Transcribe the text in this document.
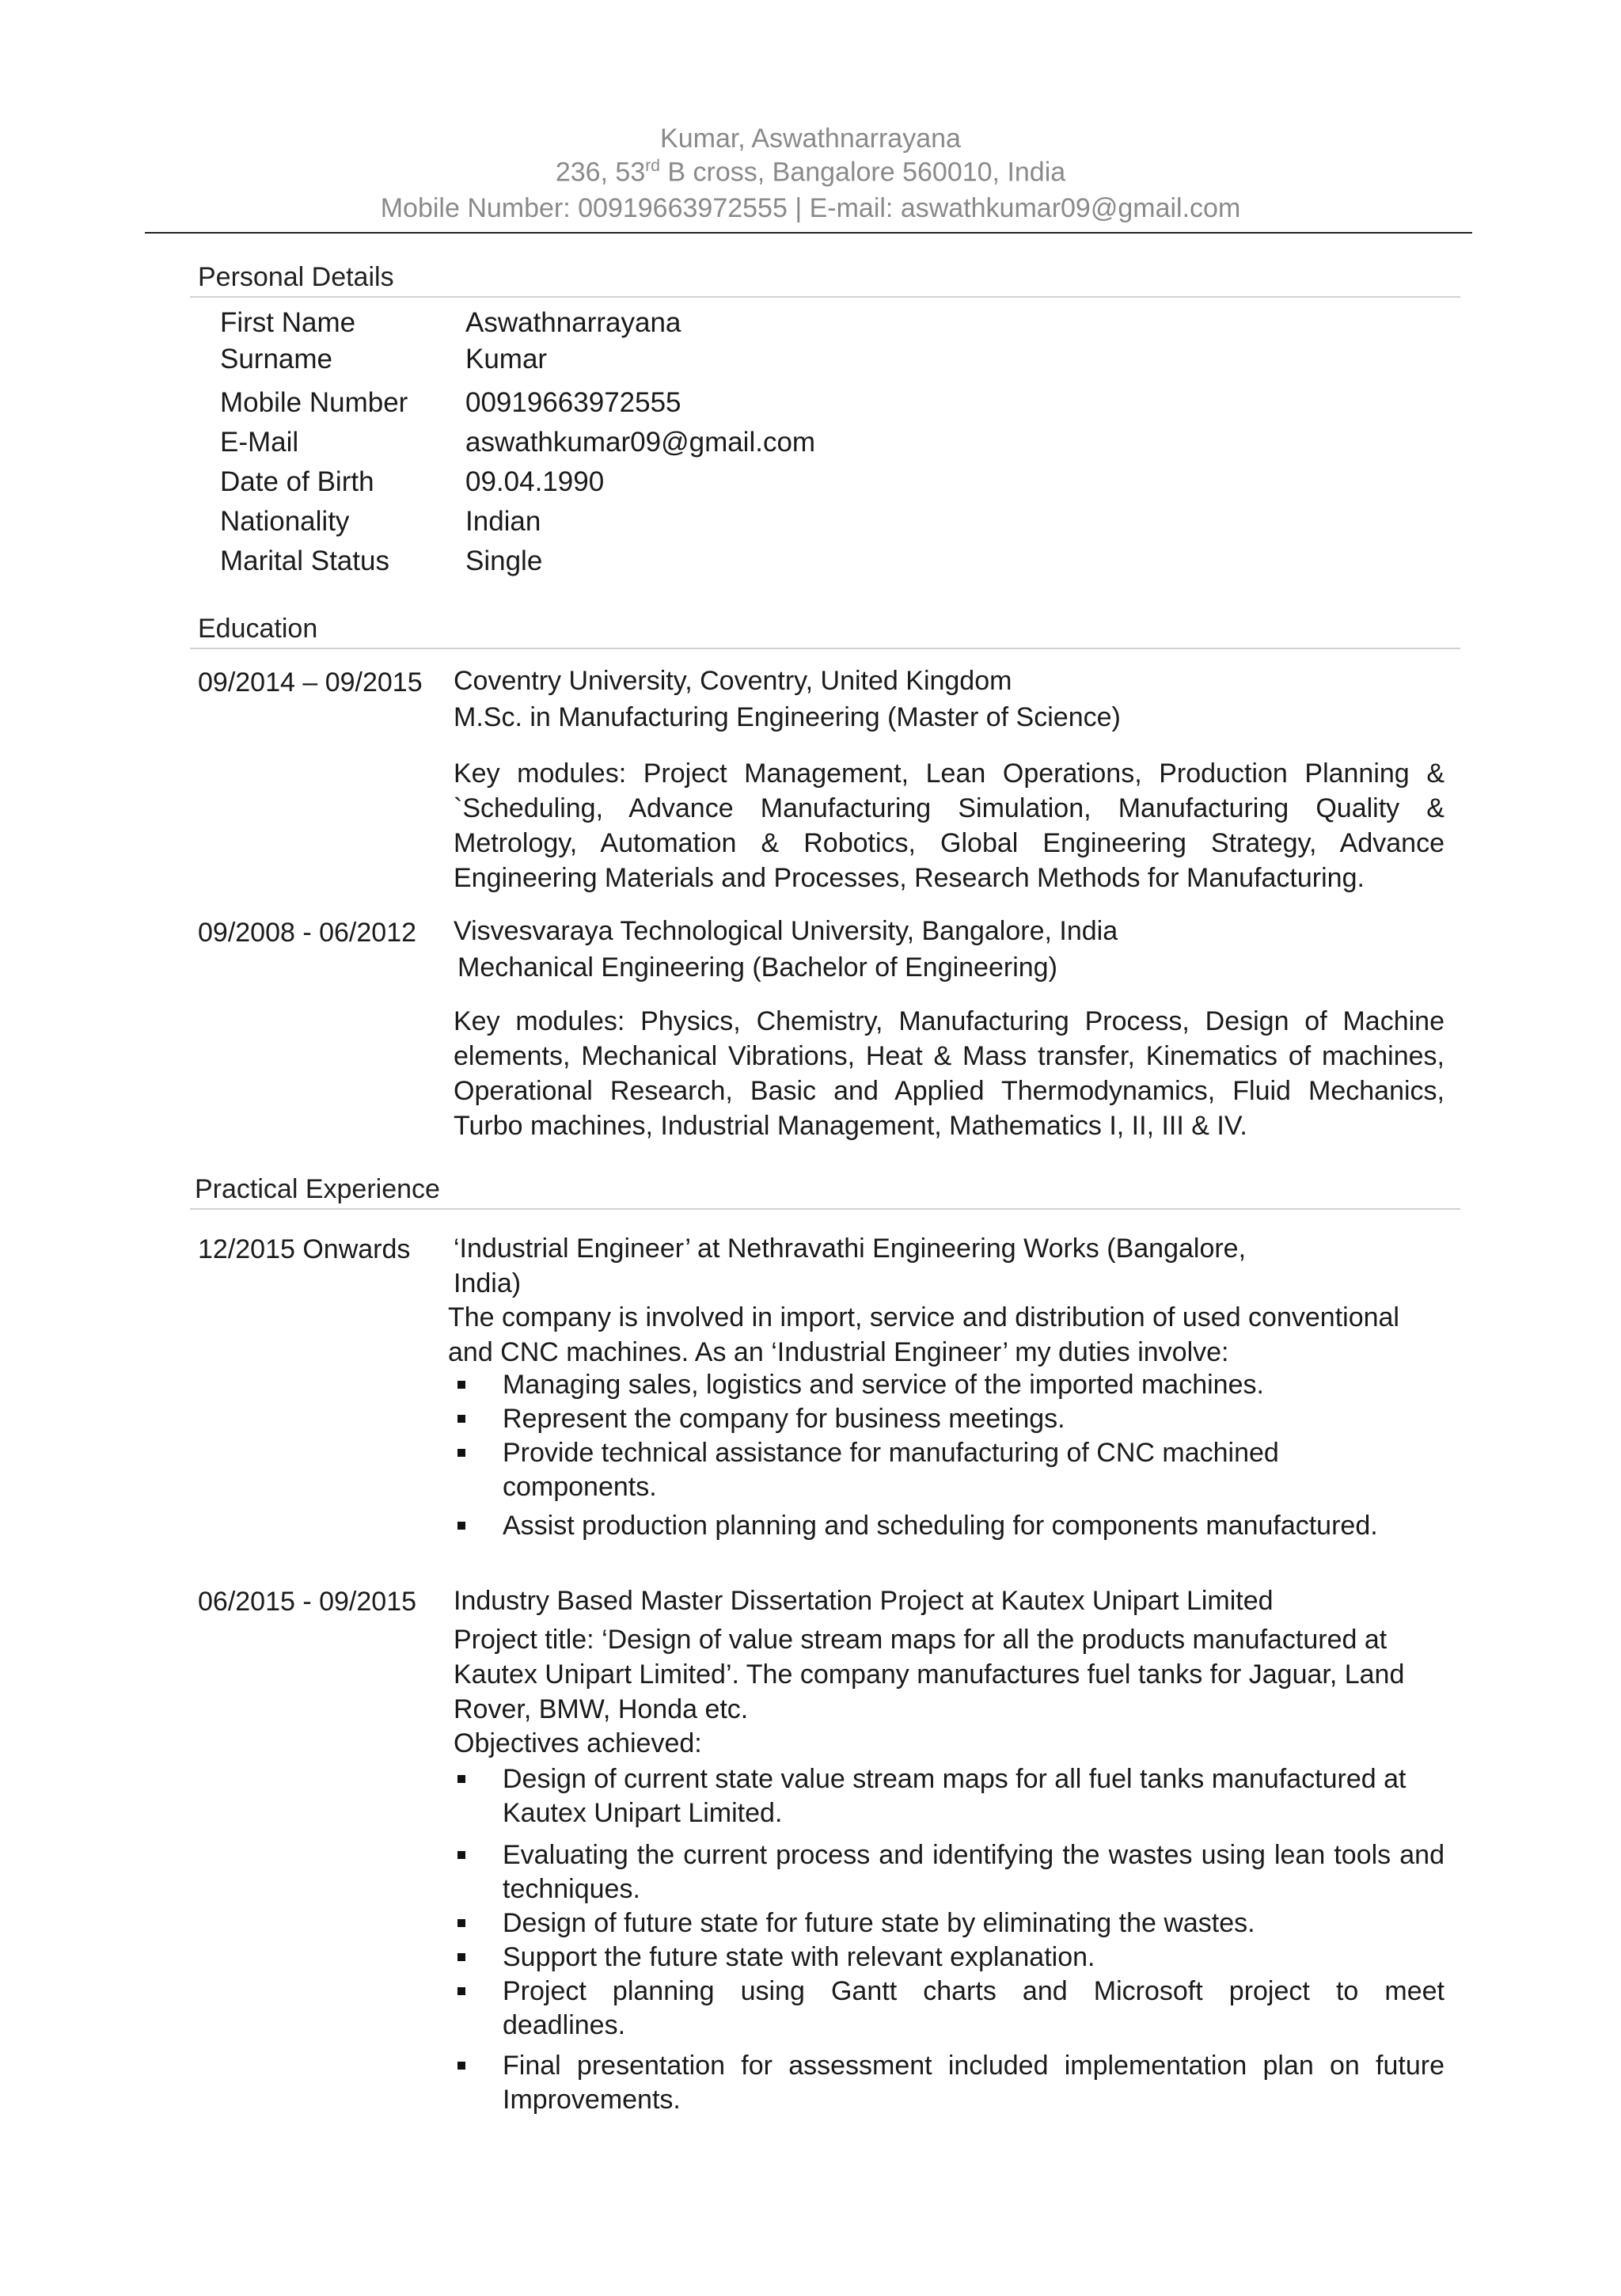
Kumar, Aswathnarrayana
236, 53rd B cross, Bangalore 560010, India
Mobile Number: 00919663972555 | E-mail: aswathkumar09@gmail.com
Personal Details
First Name	Aswathnarrayana
Surname	Kumar
Mobile Number 00919663972555
E-Mail	aswathkumar09@gmail.com
Date of Birth	09.04.1990
Nationality	Indian
Marital Status	Single
Education
09/2014 – 09/2015 Coventry University, Coventry, United Kingdom
M.Sc. in Manufacturing Engineering (Master of Science)
Key modules: Project Management, Lean Operations, Production Planning & `Scheduling, Advance Manufacturing Simulation, Manufacturing Quality & Metrology, Automation & Robotics, Global Engineering Strategy, Advance Engineering Materials and Processes, Research Methods for Manufacturing.
09/2008 - 06/2012 Visvesvaraya Technological University, Bangalore, India
Mechanical Engineering (Bachelor of Engineering)
Key modules: Physics, Chemistry, Manufacturing Process, Design of Machine elements, Mechanical Vibrations, Heat & Mass transfer, Kinematics of machines, Operational Research, Basic and Applied Thermodynamics, Fluid Mechanics, Turbo machines, Industrial Management, Mathematics I, II, III & IV.
Practical Experience
12/2015 Onwards ‘Industrial Engineer’ at Nethravathi Engineering Works (Bangalore,
India)
The company is involved in import, service and distribution of used conventional and CNC machines. As an ‘Industrial Engineer’ my duties involve:
Managing sales, logistics and service of the imported machines.
Represent the company for business meetings.
Provide technical assistance for manufacturing of CNC machined components.
Assist production planning and scheduling for components manufactured.
06/2015 - 09/2015 Industry Based Master Dissertation Project at Kautex Unipart Limited
Project title: ‘Design of value stream maps for all the products manufactured at Kautex Unipart Limited’. The company manufactures fuel tanks for Jaguar, Land Rover, BMW, Honda etc.
Objectives achieved:
Design of current state value stream maps for all fuel tanks manufactured at Kautex Unipart Limited.
Evaluating the current process and identifying the wastes using lean tools and techniques.
Design of future state for future state by eliminating the wastes.
Support the future state with relevant explanation.
Project planning using Gantt charts and Microsoft project to meet deadlines.
Final presentation for assessment included implementation plan on future Improvements.
